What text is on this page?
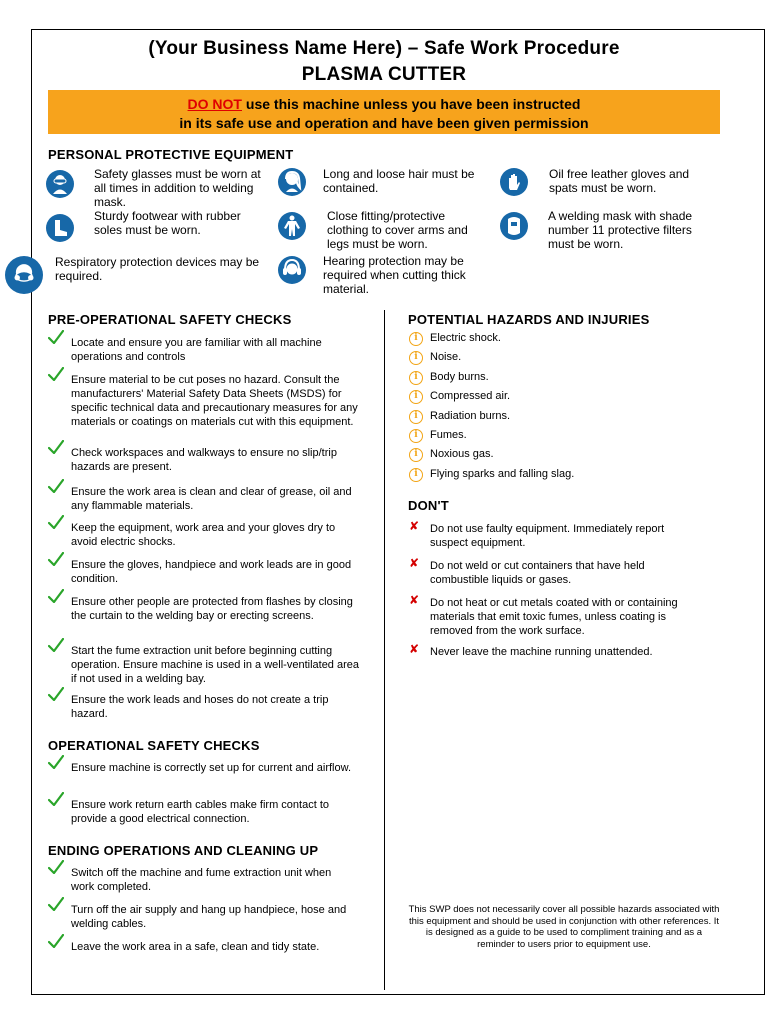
(Your Business Name Here) – Safe Work Procedure
PLASMA CUTTER
DO NOT use this machine unless you have been instructed
in its safe use and operation and have been given permission
PERSONAL PROTECTIVE EQUIPMENT
Safety glasses must be worn at all times in addition to welding mask.
Long and loose hair must be contained.
Oil free leather gloves and spats must be worn.
Sturdy footwear with rubber soles must be worn.
Close fitting/protective clothing to cover arms and legs must be worn.
A welding mask with shade number 11 protective filters must be worn.
Respiratory protection devices may be required.
Hearing protection may be required when cutting thick material.
PRE-OPERATIONAL SAFETY CHECKS
OPERATIONAL SAFETY CHECKS
ENDING OPERATIONS AND CLEANING UP
POTENTIAL HAZARDS AND INJURIES
DON'T
Locate and ensure you are familiar with all machine operations and controls
Ensure material to be cut poses no hazard. Consult the manufacturers' Material Safety Data Sheets (MSDS) for specific technical data and precautionary measures for any materials or coatings on materials cut with this equipment.
Check workspaces and walkways to ensure no slip/trip hazards are present.
Ensure the work area is clean and clear of grease, oil and any flammable materials.
Keep the equipment, work area and your gloves dry to avoid electric shocks.
Ensure the gloves, handpiece and work leads are in good condition.
Ensure other people are protected from flashes by closing the curtain to the welding bay or erecting screens.
Start the fume extraction unit before beginning cutting operation. Ensure machine is used in a well-ventilated area if not used in a welding bay.
Ensure the work leads and hoses do not create a trip hazard.
Ensure machine is correctly set up for current and airflow.
Ensure work return earth cables make firm contact to provide a good electrical connection.
Switch off the machine and fume extraction unit when work completed.
Turn off the air supply and hang up handpiece, hose and welding cables.
Leave the work area in a safe, clean and tidy state.
i	Electric shock.
i	Noise.
i	Body burns.
i	Compressed air.
i	Radiation burns.
i	Fumes.
i	Noxious gas.
i	Flying sparks and falling slag.
✘ Do not use faulty equipment. Immediately report suspect equipment.
✘ Do not weld or cut containers that have held combustible liquids or gases.
✘ Do not heat or cut metals coated with or containing materials that emit toxic fumes, unless coating is removed from the work surface.
✘ Never leave the machine running unattended.
This SWP does not necessarily cover all possible hazards associated with this equipment and should be used in conjunction with other references. It is designed as a guide to be used to compliment training and as a reminder to users prior to equipment use.
